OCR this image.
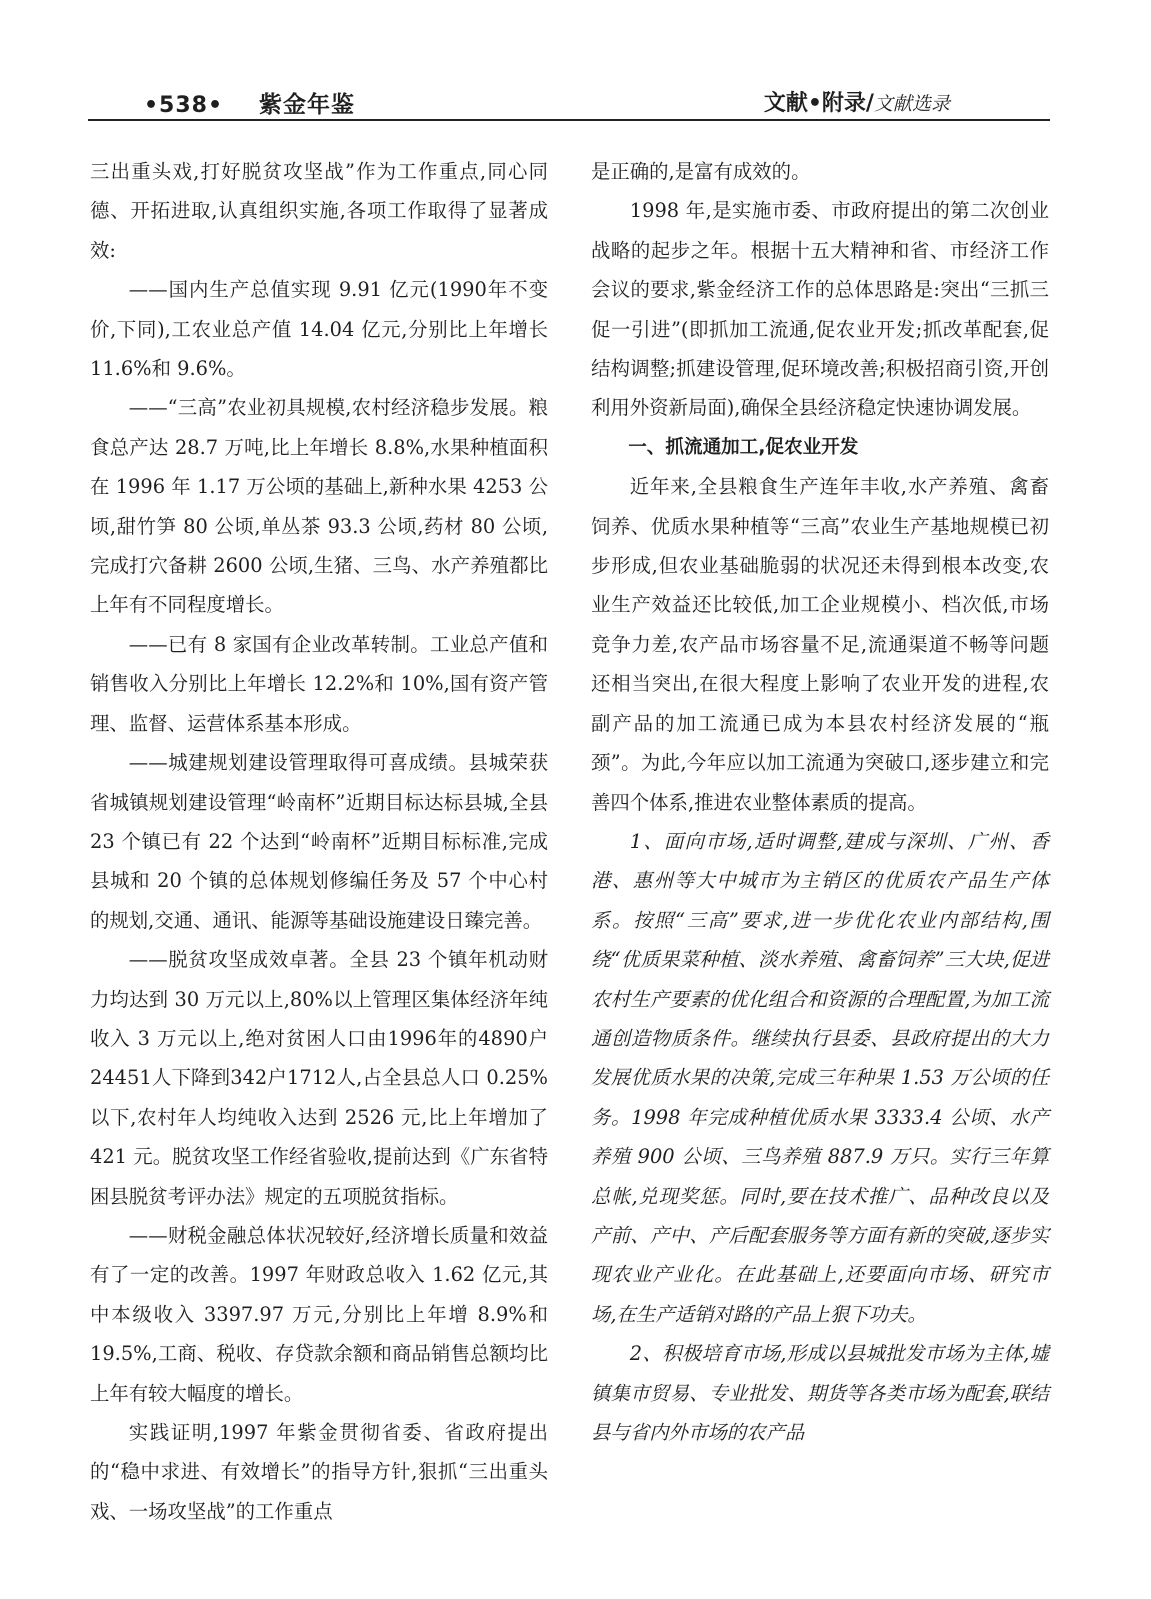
•538• 紫金年鉴	文献•附录/文献选录

三出重头戏,打好脱贫攻坚战”作为工作重点,同心同德、开拓进取,认真组织实施,各项工作取得了显著成效:

——国内生产总值实现 9.91 亿元(1990年不变价,下同),工农业总产值 14.04 亿元,分别比上年增长 11.6%和 9.6%。

——“三高”农业初具规模,农村经济稳步发展。粮食总产达 28.7 万吨,比上年增长 8.8%,水果种植面积在 1996 年 1.17 万公顷的基础上,新种水果 4253 公顷,甜竹笋 80 公顷,单丛茶 93.3 公顷,药材 80 公顷,完成打穴备耕 2600 公顷,生猪、三鸟、水产养殖都比上年有不同程度增长。

——已有 8 家国有企业改革转制。工业总产值和销售收入分别比上年增长 12.2%和 10%,国有资产管理、监督、运营体系基本形成。

——城建规划建设管理取得可喜成绩。县城荣获省城镇规划建设管理“岭南杯”近期目标达标县城,全县 23 个镇已有 22 个达到“岭南杯”近期目标标准,完成县城和 20 个镇的总体规划修编任务及 57 个中心村的规划,交通、通讯、能源等基础设施建设日臻完善。

——脱贫攻坚成效卓著。全县 23 个镇年机动财力均达到 30 万元以上,80%以上管理区集体经济年纯收入 3 万元以上,绝对贫困人口由1996年的4890户24451人下降到342户1712人,占全县总人口 0.25%以下,农村年人均纯收入达到 2526 元,比上年增加了 421 元。脱贫攻坚工作经省验收,提前达到《广东省特困县脱贫考评办法》规定的五项脱贫指标。

——财税金融总体状况较好,经济增长质量和效益有了一定的改善。1997 年财政总收入 1.62 亿元,其中本级收入 3397.97 万元,分别比上年增 8.9%和 19.5%,工商、税收、存贷款余额和商品销售总额均比上年有较大幅度的增长。

实践证明,1997 年紫金贯彻省委、省政府提出的“稳中求进、有效增长”的指导方针,狠抓“三出重头戏、一场攻坚战”的工作重点

是正确的,是富有成效的。

1998 年,是实施市委、市政府提出的第二次创业战略的起步之年。根据十五大精神和省、市经济工作会议的要求,紫金经济工作的总体思路是:突出“三抓三促一引进”(即抓加工流通,促农业开发;抓改革配套,促结构调整;抓建设管理,促环境改善;积极招商引资,开创利用外资新局面),确保全县经济稳定快速协调发展。

一、抓流通加工,促农业开发

近年来,全县粮食生产连年丰收,水产养殖、禽畜饲养、优质水果种植等“三高”农业生产基地规模已初步形成,但农业基础脆弱的状况还未得到根本改变,农业生产效益还比较低,加工企业规模小、档次低,市场竞争力差,农产品市场容量不足,流通渠道不畅等问题还相当突出,在很大程度上影响了农业开发的进程,农副产品的加工流通已成为本县农村经济发展的“瓶颈”。为此,今年应以加工流通为突破口,逐步建立和完善四个体系,推进农业整体素质的提高。

1、面向市场,适时调整,建成与深圳、广州、香港、惠州等大中城市为主销区的优质农产品生产体系。按照“三高”要求,进一步优化农业内部结构,围绕“优质果菜种植、淡水养殖、禽畜饲养”三大块,促进农村生产要素的优化组合和资源的合理配置,为加工流通创造物质条件。继续执行县委、县政府提出的大力发展优质水果的决策,完成三年种果 1.53 万公顷的任务。1998 年完成种植优质水果 3333.4 公顷、水产养殖 900 公顷、三鸟养殖 887.9 万只。实行三年算总帐,兑现奖惩。同时,要在技术推广、品种改良以及产前、产中、产后配套服务等方面有新的突破,逐步实现农业产业化。在此基础上,还要面向市场、研究市场,在生产适销对路的产品上狠下功夫。

2、积极培育市场,形成以县城批发市场为主体,墟镇集市贸易、专业批发、期货等各类市场为配套,联结县与省内外市场的农产品
